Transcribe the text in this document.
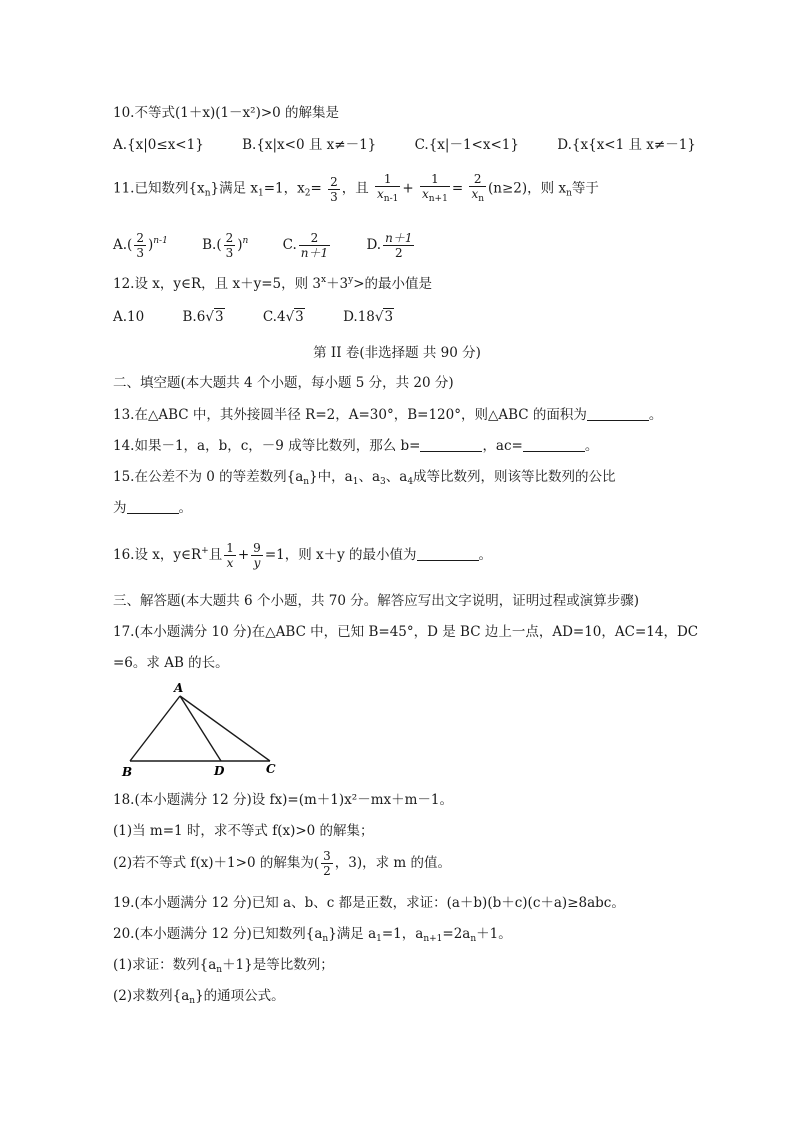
10.不等式(1＋x)(1－x²)>0 的解集是
A.{x|0≤x<1}	B.{x|x<0 且 x≠－1}	C.{x|－1<x<1}	D.{x{x<1 且 x≠－1}
11.已知数列$\{x_n\}$满足 $x_1=1$，$x_2= \frac{2}{3}$ ，且 $\frac{1}{x_{n-1}} + \frac{1}{x_{n+1}} = \frac{2}{x_n} (n\ge 2)$，则 $x_n$等于
$A.( \frac{2}{3} )^{n-1}$	$B.( \frac{2}{3} )^n$	C. $\frac{2}{n+1}$	D. $\frac{n+1}{2}$
12.设 x，y∈R，且 x＋y=5，则 $3^x+3^y>$的最小值是
A.10	B.6√3	C.4√3	D.18√3
第 II 卷(非选择题 共 90 分)
二、填空题(本大题共 4 个小题，每小题 5 分，共 20 分)
13.在△ABC 中，其外接圆半径 R=2，A=30°，B=120°，则△ABC 的面积为	。
14.如果－1，a，b，c，－9 成等比数列，那么 b=	，ac=	。
15.在公差不为 0 的等差数列$\{a_n\}$中，$a_1$、$a_3$、$a_4$成等比数列，则该等比数列的公比
为	。
16.设 x，y∈R+且 $\frac{1}{x} + \frac{9}{y} =1$，则 x＋y 的最小值为	。
三、解答题(本大题共 6 个小题，共 70 分。解答应写出文字说明，证明过程或演算步骤)
17.(本小题满分 10 分)在△ABC 中，已知 B=45°，D 是 BC 边上一点，AD=10，AC=14，DC
=6。求 AB 的长。
A
B	D	C
18.(本小题满分 12 分)设 fx)=(m＋1)x²－mx＋m－1。
(1)当 m=1 时，求不等式 f(x)>0 的解集；
(2)若不等式 f(x)＋1>0 的解集为( $\frac{3}{2}$ ，3)，求 m 的值。
19.(本小题满分 12 分)已知 a、b、c 都是正数，求证：(a＋b)(b＋c)(c＋a)≥8abc。
20.(本小题满分 12 分)已知数列$\{a_n\}$满足 $a_1=1$，$a_{n+1}=2a_n+1$。
(1)求证：数列$\{a_n+1\}$是等比数列；
(2)求数列$\{a_n\}$的通项公式。
